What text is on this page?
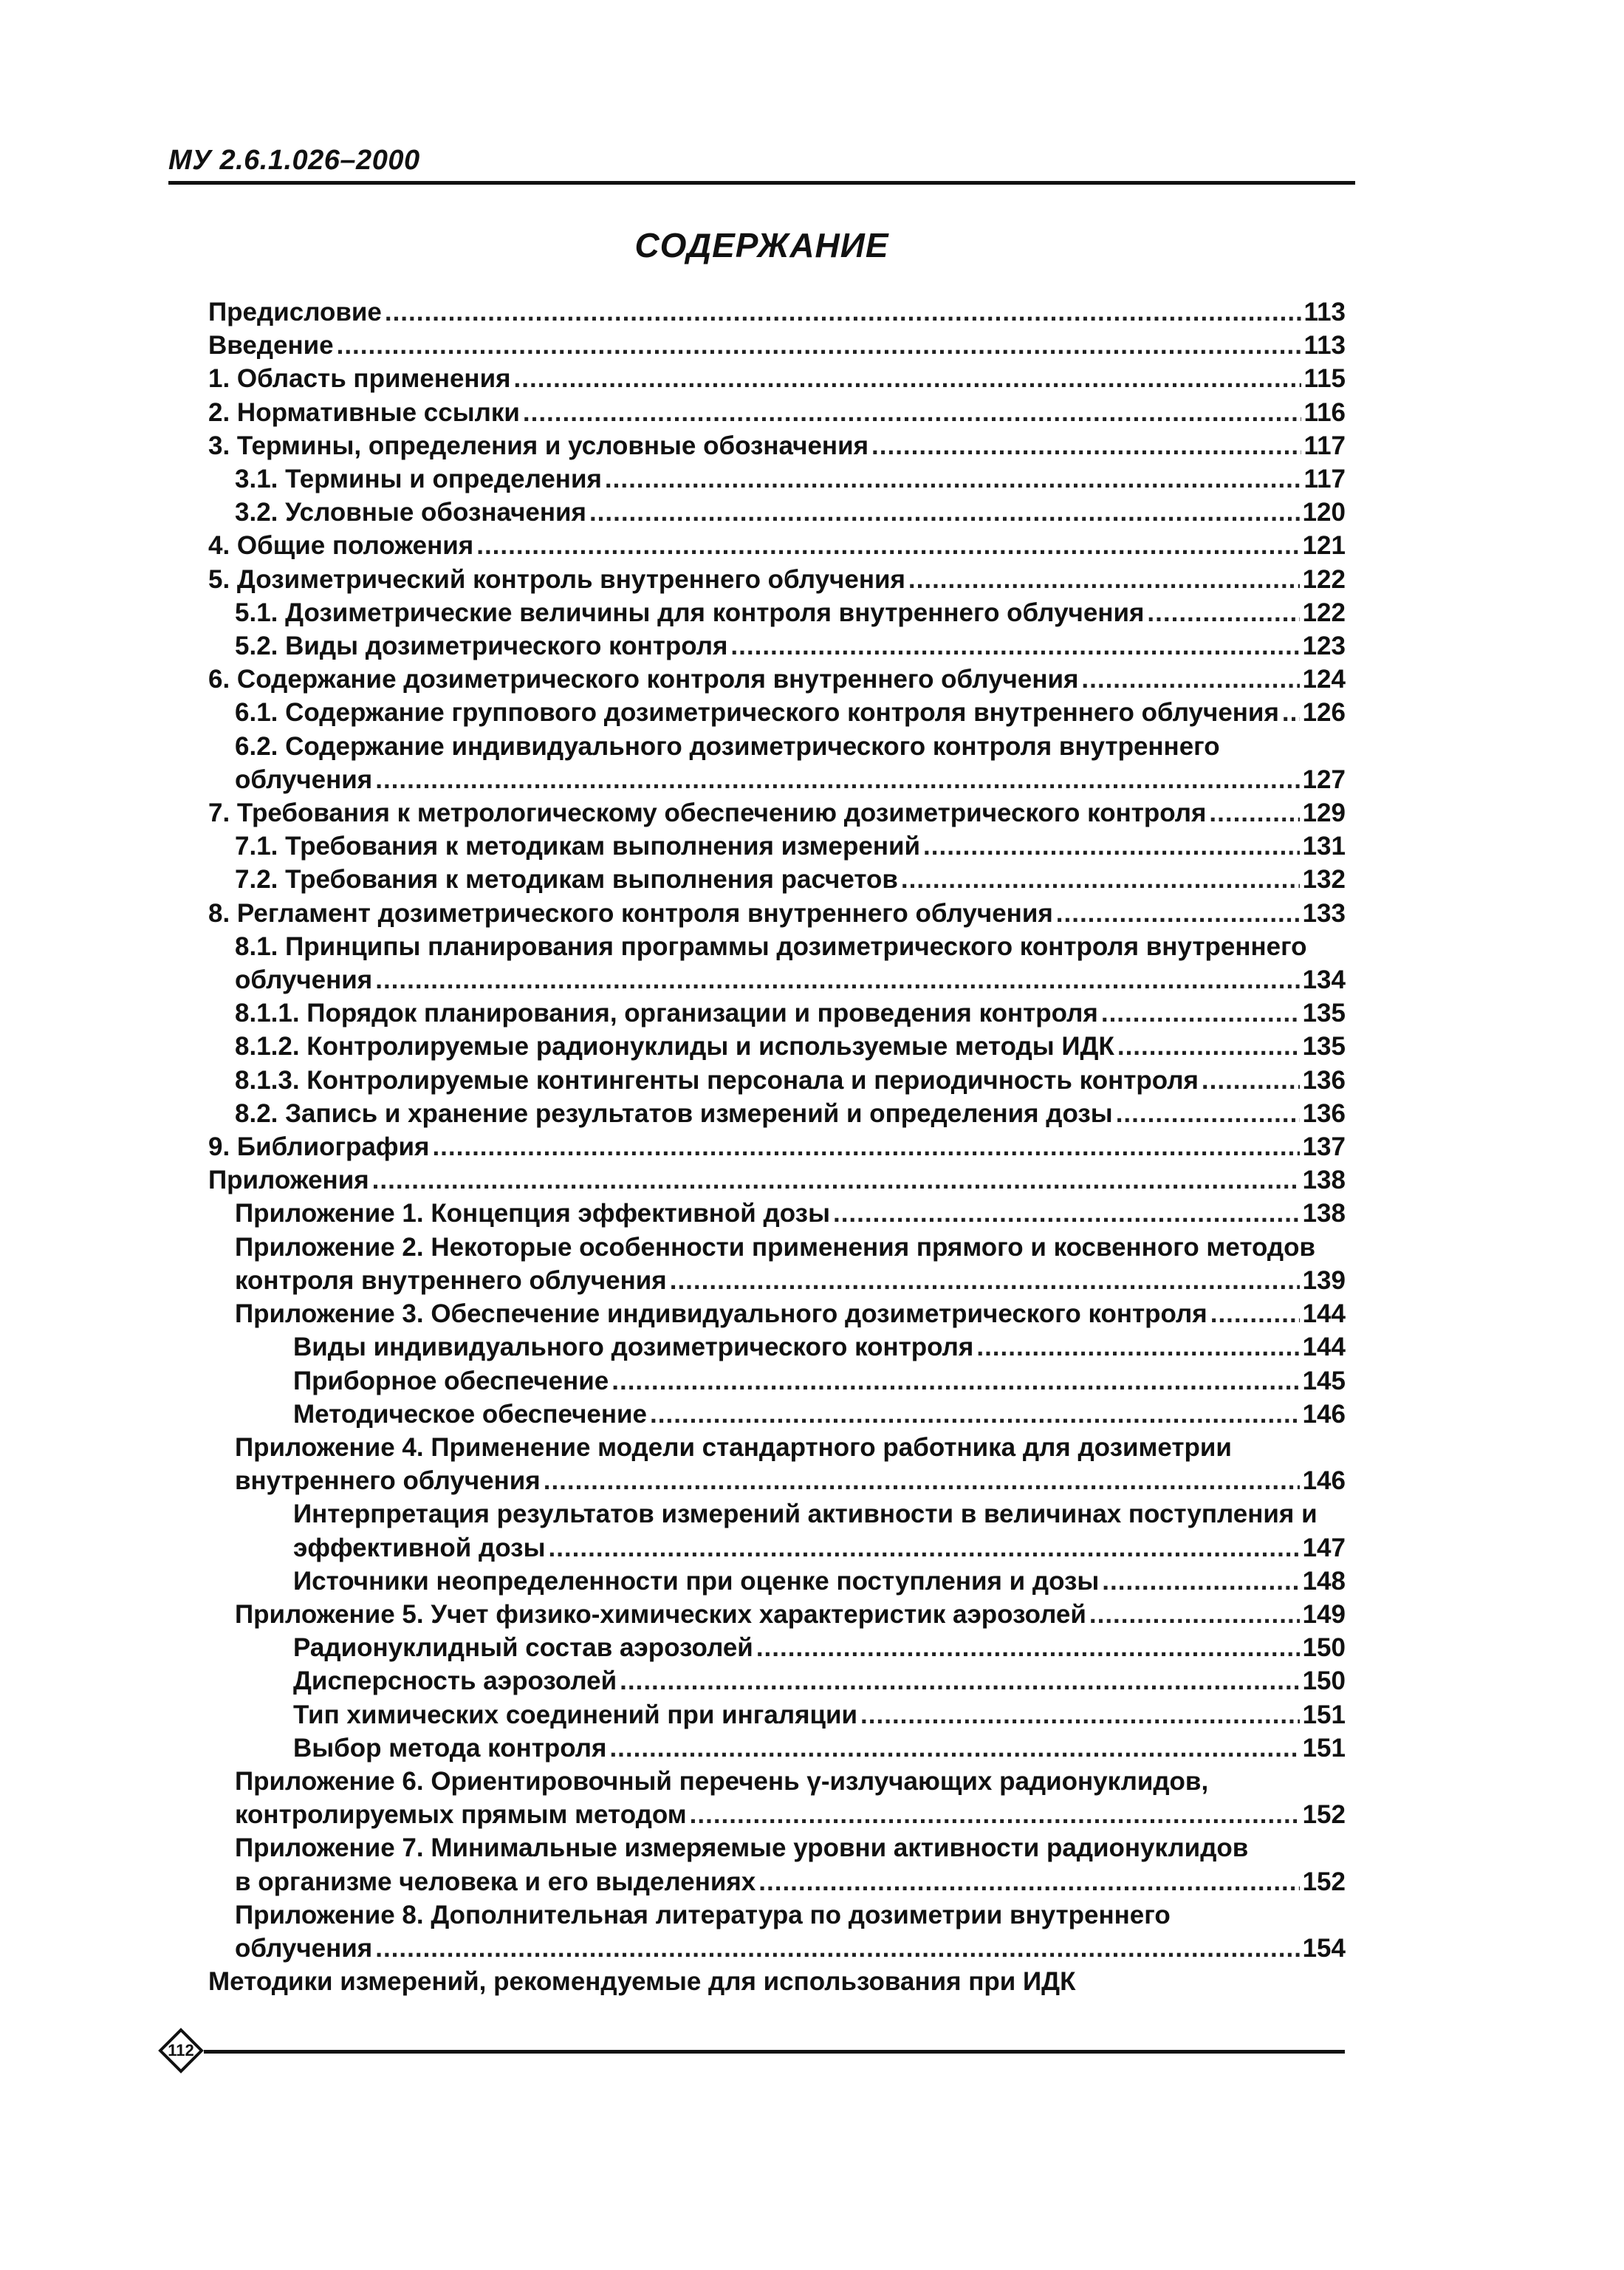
МУ 2.6.1.026–2000
СОДЕРЖАНИЕ
Предисловие .....	113
Введение .....	113
1. Область применения .....	115
2. Нормативные ссылки .....	116
3. Термины, определения и условные обозначения .....	117
3.1. Термины и определения .....	117
3.2. Условные обозначения .....	120
4. Общие положения .....	121
5. Дозиметрический контроль внутреннего облучения .....	122
5.1. Дозиметрические величины для контроля внутреннего облучения .....	122
5.2. Виды дозиметрического контроля .....	123
6. Содержание дозиметрического контроля внутреннего облучения .....	124
6.1. Содержание группового дозиметрического контроля внутреннего облучения ..... 126
6.2. Содержание индивидуального дозиметрического контроля внутреннего
облучения .....	127
7. Требования к метрологическому обеспечению дозиметрического контроля .....	129
7.1. Требования к методикам выполнения измерений .....	131
7.2. Требования к методикам выполнения расчетов .....	132
8. Регламент дозиметрического контроля внутреннего облучения .....	133
8.1. Принципы планирования программы дозиметрического контроля внутреннего
облучения .....	134
8.1.1. Порядок планирования, организации и проведения контроля .....	135
8.1.2. Контролируемые радионуклиды и используемые методы ИДК .....	135
8.1.3. Контролируемые контингенты персонала и периодичность контроля .....	136
8.2. Запись и хранение результатов измерений и определения дозы .....	136
9. Библиография .....	137
Приложения .....	138
Приложение 1. Концепция эффективной дозы .....	138
Приложение 2. Некоторые особенности применения прямого и косвенного методов
контроля внутреннего облучения .....	139
Приложение 3. Обеспечение индивидуального дозиметрического контроля .....	144
Виды индивидуального дозиметрического контроля .....	144
Приборное обеспечение .....	145
Методическое обеспечение .....	146
Приложение 4. Применение модели стандартного работника для дозиметрии
внутреннего облучения .....	146
Интерпретация результатов измерений активности в величинах поступления и
эффективной дозы .....	147
Источники неопределенности при оценке поступления и дозы .....	148
Приложение 5. Учет физико-химических характеристик аэрозолей .....	149
Радионуклидный состав аэрозолей .....	150
Дисперсность аэрозолей .....	150
Тип химических соединений при ингаляции .....	151
Выбор метода контроля .....	151
Приложение 6. Ориентировочный перечень γ-излучающих радионуклидов,
контролируемых прямым методом .....	152
Приложение 7. Минимальные измеряемые уровни активности радионуклидов
в организме человека и его выделениях .....	152
Приложение 8. Дополнительная литература по дозиметрии внутреннего
облучения .....	154
Методики измерений, рекомендуемые для использования при ИДК
112
